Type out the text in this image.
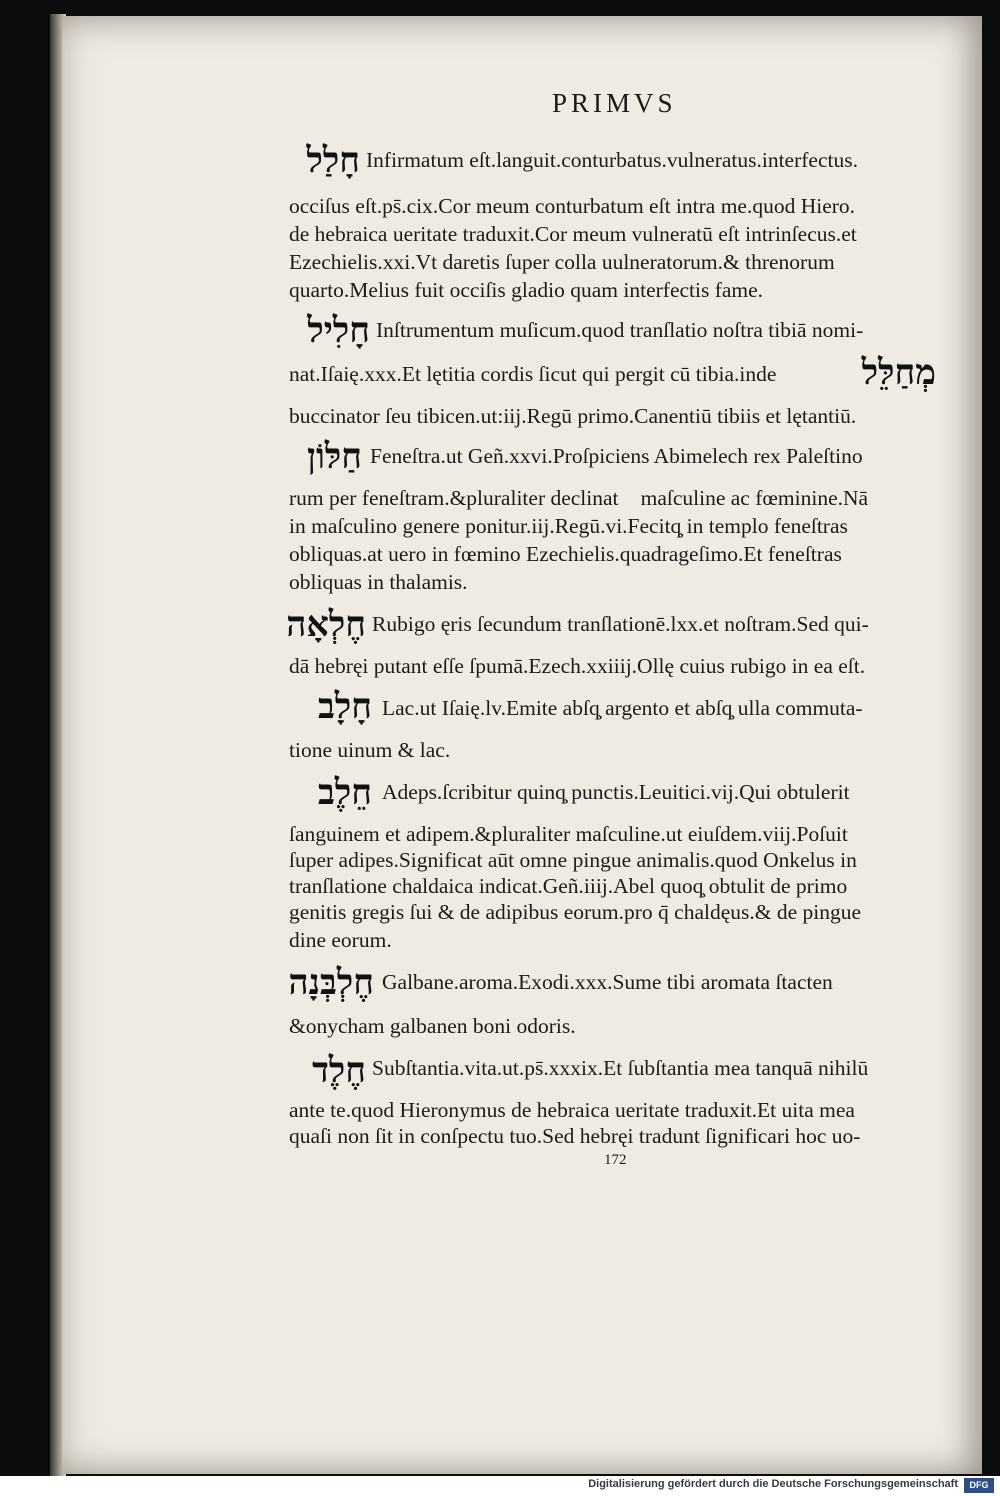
PRIMVS
חָלַל Infirmatum eſt.languit.conturbatus.vulneratus.interfectus.
occiſus eſt.ps̄.cix.Cor meum conturbatum eſt intra me.quod Hiero.
de hebraica ueritate traduxit.Cor meum vulneratū eſt intrinſecus.et
Ezechielis.xxi.Vt daretis ſuper colla uulneratorum.& threnorum
quarto.Melius fuit occiſis gladio quam interfectis fame.
חָלִיל Inſtrumentum muſicum.quod tranſlatio noſtra tibiā nomi-
nat.Iſaię.xxx.Et lętitia cordis ſicut qui pergit cū tibia.inde	מְחַלֵּל
buccinator ſeu tibicen.ut:iij.Regū primo.Canentiū tibiis et lętantiū.
חַלּוֹן Feneſtra.ut Geñ.xxvi.Proſpiciens Abimelech rex Paleſtino
rum per feneſtram.&pluraliter declinatᷣ maſculine ac fœminine.Nā
in maſculino genere ponitur.iij.Regū.vi.Fecitq̧ in templo feneſtras
obliquas.at uero in fœmino Ezechielis.quadrageſimo.Et feneſtras
obliquas in thalamis.
חֶלְאָה Rubigo ęris ſecundum tranſlationē.lxx.et noſtram.Sed qui-
dā hebręi putant eſſe ſpumā.Ezech.xxiiij.Ollę cuius rubigo in ea eſt.
חָלָב Lac.ut Iſaię.lv.Emite abſq̧ argento et abſq̧ ulla commuta-
tione uinum & lac.
חֵלֶב Adeps.ſcribitur quinq̧ punctis.Leuitici.vij.Qui obtulerit
ſanguinem et adipem.&pluraliter maſculine.ut eiuſdem.viij.Poſuit
ſuper adipes.Significat aūt omne pingue animalis.quod Onkelus in
tranſlatione chaldaica indicat.Geñ.iiij.Abel quoq̧ obtulit de primo
genitis gregis ſui & de adipibus eorum.pro q̄ chaldęus.& de pingue
dine eorum.
חֶלְבְּנָה Galbane.aroma.Exodi.xxx.Sume tibi aromata ſtacten
&onycham galbanen boni odoris.
חֶלֶד Subſtantia.vita.ut.ps̄.xxxix.Et ſubſtantia mea tanquā nihilū
ante te.quod Hieronymus de hebraica ueritate traduxit.Et uita mea
quaſi non ſit in conſpectu tuo.Sed hebręi tradunt ſignificari hoc uo-
172
Digitalisierung gefördert durch die Deutsche Forschungsgemeinschaft	DFG
